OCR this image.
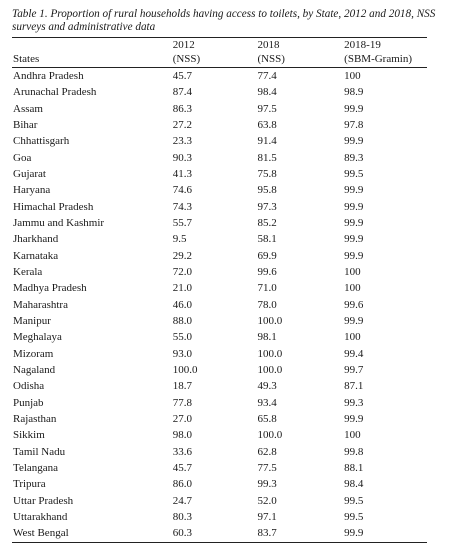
Table 1. Proportion of rural households having access to toilets, by State, 2012 and 2018, NSS surveys and administrative data

	2012	2018	2018-19
States	(NSS)	(NSS)	(SBM-Gramin)
Andhra Pradesh	45.7	77.4	100
Arunachal Pradesh	87.4	98.4	98.9
Assam	86.3	97.5	99.9
Bihar	27.2	63.8	97.8
Chhattisgarh	23.3	91.4	99.9
Goa	90.3	81.5	89.3
Gujarat	41.3	75.8	99.5
Haryana	74.6	95.8	99.9
Himachal Pradesh	74.3	97.3	99.9
Jammu and Kashmir	55.7	85.2	99.9
Jharkhand	9.5	58.1	99.9
Karnataka	29.2	69.9	99.9
Kerala	72.0	99.6	100
Madhya Pradesh	21.0	71.0	100
Maharashtra	46.0	78.0	99.6
Manipur	88.0	100.0	99.9
Meghalaya	55.0	98.1	100
Mizoram	93.0	100.0	99.4
Nagaland	100.0	100.0	99.7
Odisha	18.7	49.3	87.1
Punjab	77.8	93.4	99.3
Rajasthan	27.0	65.8	99.9
Sikkim	98.0	100.0	100
Tamil Nadu	33.6	62.8	99.8
Telangana	45.7	77.5	88.1
Tripura	86.0	99.3	98.4
Uttar Pradesh	24.7	52.0	99.5
Uttarakhand	80.3	97.1	99.5
West Bengal	60.3	83.7	99.9
